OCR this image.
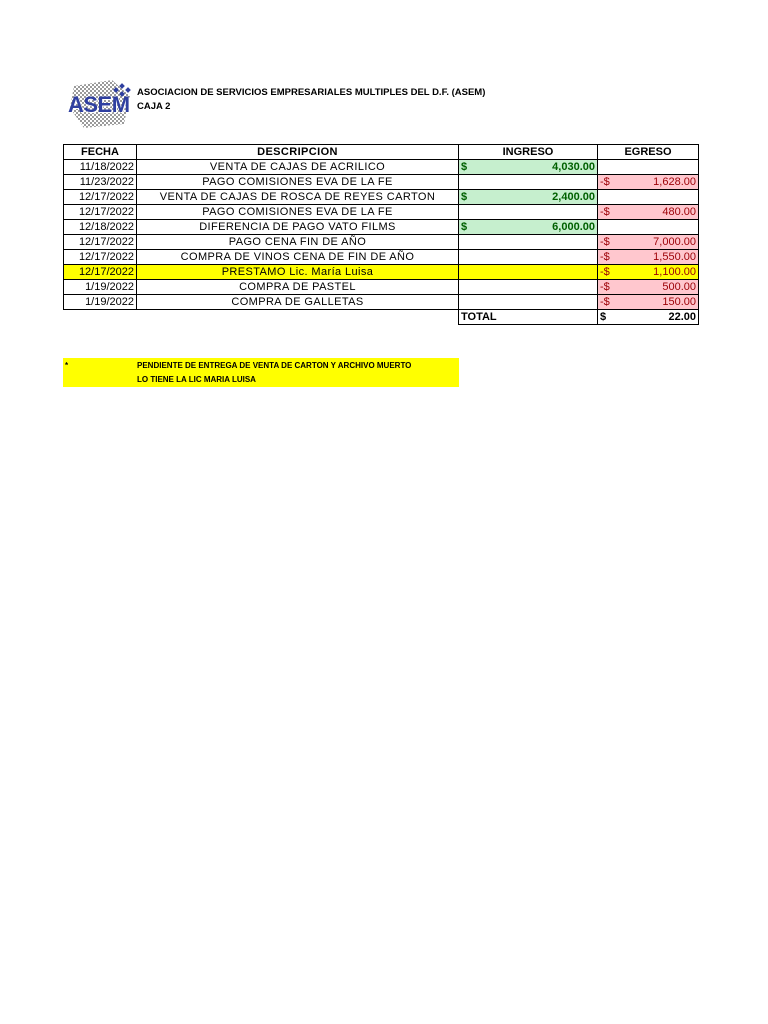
ASEM ASOCIACION DE SERVICIOS EMPRESARIALES MULTIPLES DEL D.F. (ASEM)
CAJA 2
FECHA	DESCRIPCION	INGRESO	EGRESO
11/18/2022	VENTA DE CAJAS DE ACRILICO	$ 4,030.00	

11/23/2022	PAGO COMISIONES EVA DE LA FE		-$ 1,628.00

12/17/2022	VENTA DE CAJAS DE ROSCA DE REYES CARTON	$ 2,400.00	

12/17/2022	PAGO COMISIONES EVA DE LA FE		-$ 480.00

12/18/2022	DIFERENCIA DE PAGO VATO FILMS	$ 6,000.00	

12/17/2022	PAGO CENA FIN DE AÑO		-$ 7,000.00

12/17/2022	COMPRA DE VINOS CENA DE FIN DE AÑO		-$ 1,550.00

12/17/2022	PRESTAMO Lic. María Luisa		-$ 1,100.00

1/19/2022	COMPRA DE PASTEL		-$ 500.00

1/19/2022	COMPRA DE GALLETAS		-$ 150.00

		TOTAL	$ 22.00
*	PENDIENTE DE ENTREGA DE VENTA DE CARTON Y ARCHIVO MUERTO
LO TIENE LA LIC MARIA LUISA
